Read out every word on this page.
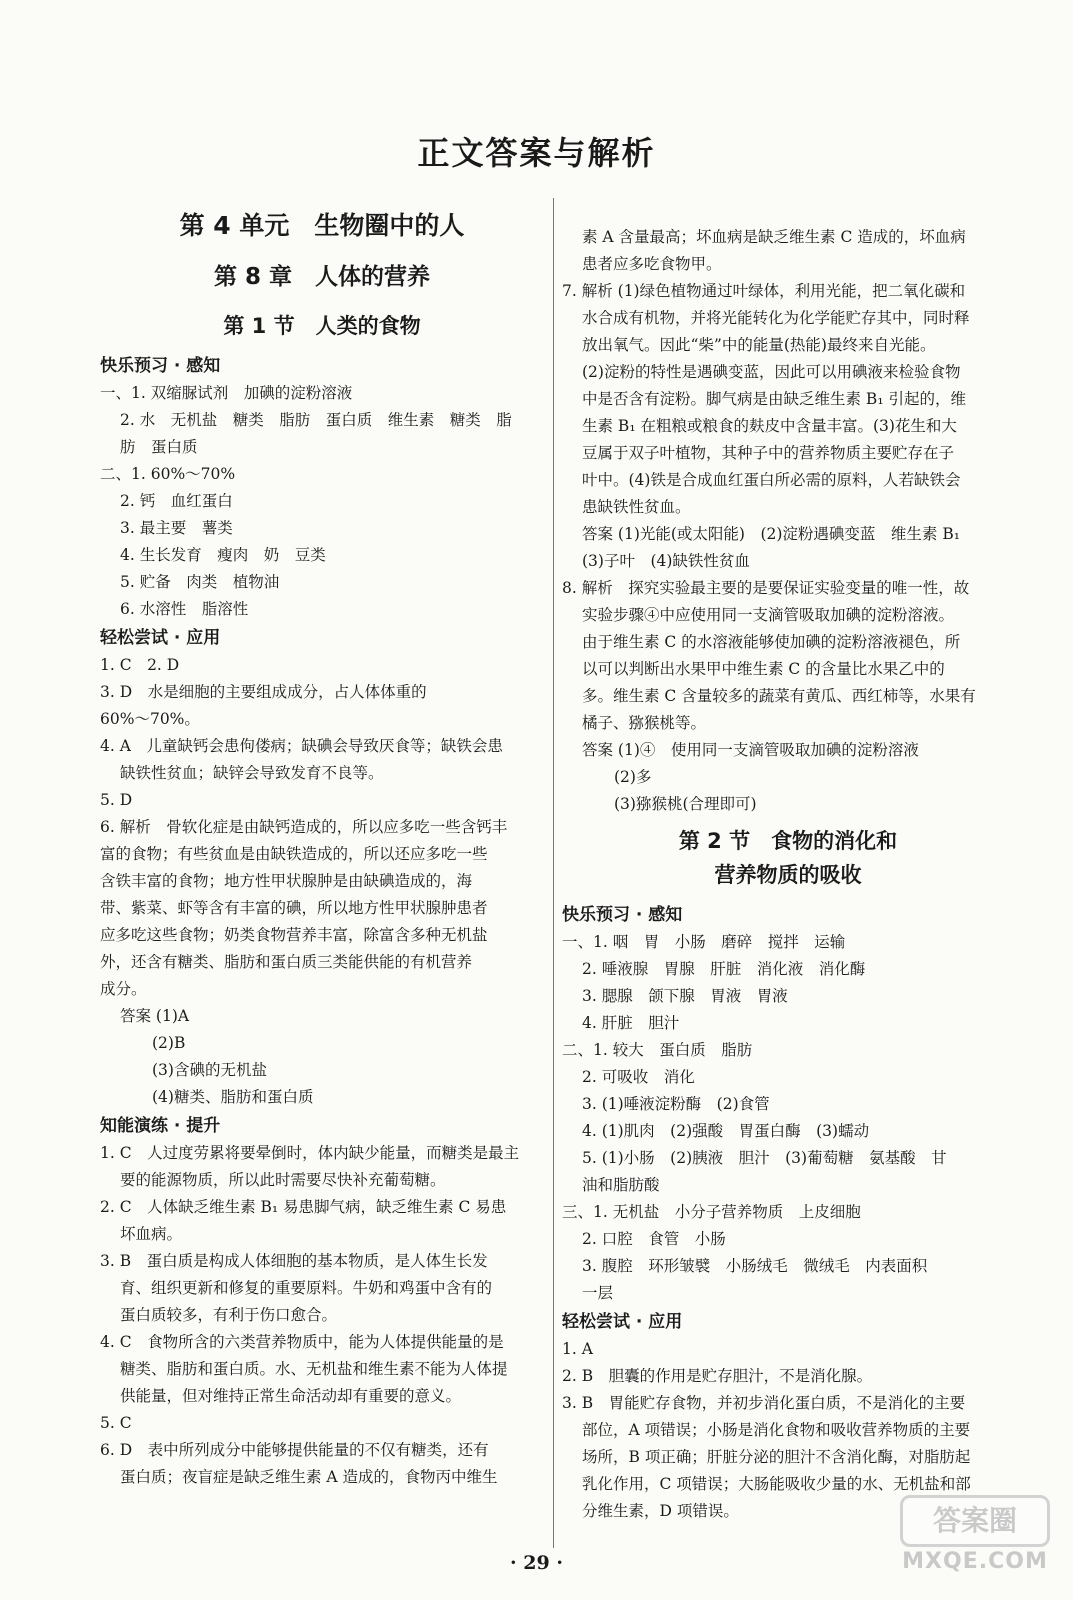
正文答案与解析
第 4 单元　生物圈中的人
第 8 章　人体的营养
第 1 节　人类的食物
快乐预习 · 感知
一、1. 双缩脲试剂　加碘的淀粉溶液
2. 水　无机盐　糖类　脂肪　蛋白质　维生素　糖类　脂
肪　蛋白质
二、1. 60%～70%
2. 钙　血红蛋白
3. 最主要　薯类
4. 生长发育　瘦肉　奶　豆类
5. 贮备　肉类　植物油
6. 水溶性　脂溶性
轻松尝试 · 应用
1. C　2. D
3. D　水是细胞的主要组成成分，占人体体重的
60%～70%。
4. A　儿童缺钙会患佝偻病；缺碘会导致厌食等；缺铁会患
缺铁性贫血；缺锌会导致发育不良等。
5. D
6. 解析　骨软化症是由缺钙造成的，所以应多吃一些含钙丰
富的食物；有些贫血是由缺铁造成的，所以还应多吃一些
含铁丰富的食物；地方性甲状腺肿是由缺碘造成的，海
带、紫菜、虾等含有丰富的碘，所以地方性甲状腺肿患者
应多吃这些食物；奶类食物营养丰富，除富含多种无机盐
外，还含有糖类、脂肪和蛋白质三类能供能的有机营养
成分。
答案 (1)A
(2)B
(3)含碘的无机盐
(4)糖类、脂肪和蛋白质
知能演练 · 提升
1. C　人过度劳累将要晕倒时，体内缺少能量，而糖类是最主
要的能源物质，所以此时需要尽快补充葡萄糖。
2. C　人体缺乏维生素 B₁ 易患脚气病，缺乏维生素 C 易患
坏血病。
3. B　蛋白质是构成人体细胞的基本物质，是人体生长发
育、组织更新和修复的重要原料。牛奶和鸡蛋中含有的
蛋白质较多，有利于伤口愈合。
4. C　食物所含的六类营养物质中，能为人体提供能量的是
糖类、脂肪和蛋白质。水、无机盐和维生素不能为人体提
供能量，但对维持正常生命活动却有重要的意义。
5. C
6. D　表中所列成分中能够提供能量的不仅有糖类，还有
蛋白质；夜盲症是缺乏维生素 A 造成的，食物丙中维生
素 A 含量最高；坏血病是缺乏维生素 C 造成的，坏血病
患者应多吃食物甲。
7. 解析 (1)绿色植物通过叶绿体，利用光能，把二氧化碳和
水合成有机物，并将光能转化为化学能贮存其中，同时释
放出氧气。因此“柴”中的能量(热能)最终来自光能。
(2)淀粉的特性是遇碘变蓝，因此可以用碘液来检验食物
中是否含有淀粉。脚气病是由缺乏维生素 B₁ 引起的，维
生素 B₁ 在粗粮或粮食的麸皮中含量丰富。(3)花生和大
豆属于双子叶植物，其种子中的营养物质主要贮存在子
叶中。(4)铁是合成血红蛋白所必需的原料，人若缺铁会
患缺铁性贫血。
答案 (1)光能(或太阳能)　(2)淀粉遇碘变蓝　维生素 B₁
(3)子叶　(4)缺铁性贫血
8. 解析　探究实验最主要的是要保证实验变量的唯一性，故
实验步骤④中应使用同一支滴管吸取加碘的淀粉溶液。
由于维生素 C 的水溶液能够使加碘的淀粉溶液褪色，所
以可以判断出水果甲中维生素 C 的含量比水果乙中的
多。维生素 C 含量较多的蔬菜有黄瓜、西红柿等，水果有
橘子、猕猴桃等。
答案 (1)④　使用同一支滴管吸取加碘的淀粉溶液
(2)多
(3)猕猴桃(合理即可)
第 2 节　食物的消化和
营养物质的吸收
快乐预习 · 感知
一、1. 咽　胃　小肠　磨碎　搅拌　运输
2. 唾液腺　胃腺　肝脏　消化液　消化酶
3. 腮腺　颌下腺　胃液　胃液
4. 肝脏　胆汁
二、1. 较大　蛋白质　脂肪
2. 可吸收　消化
3. (1)唾液淀粉酶　(2)食管
4. (1)肌肉　(2)强酸　胃蛋白酶　(3)蠕动
5. (1)小肠　(2)胰液　胆汁　(3)葡萄糖　氨基酸　甘
油和脂肪酸
三、1. 无机盐　小分子营养物质　上皮细胞
2. 口腔　食管　小肠
3. 腹腔　环形皱襞　小肠绒毛　微绒毛　内表面积
一层
轻松尝试 · 应用
1. A
2. B　胆囊的作用是贮存胆汁，不是消化腺。
3. B　胃能贮存食物，并初步消化蛋白质，不是消化的主要
部位，A 项错误；小肠是消化食物和吸收营养物质的主要
场所，B 项正确；肝脏分泌的胆汁不含消化酶，对脂肪起
乳化作用，C 项错误；大肠能吸收少量的水、无机盐和部
分维生素，D 项错误。	答案圈
MXQE.COM
· 29 ·
